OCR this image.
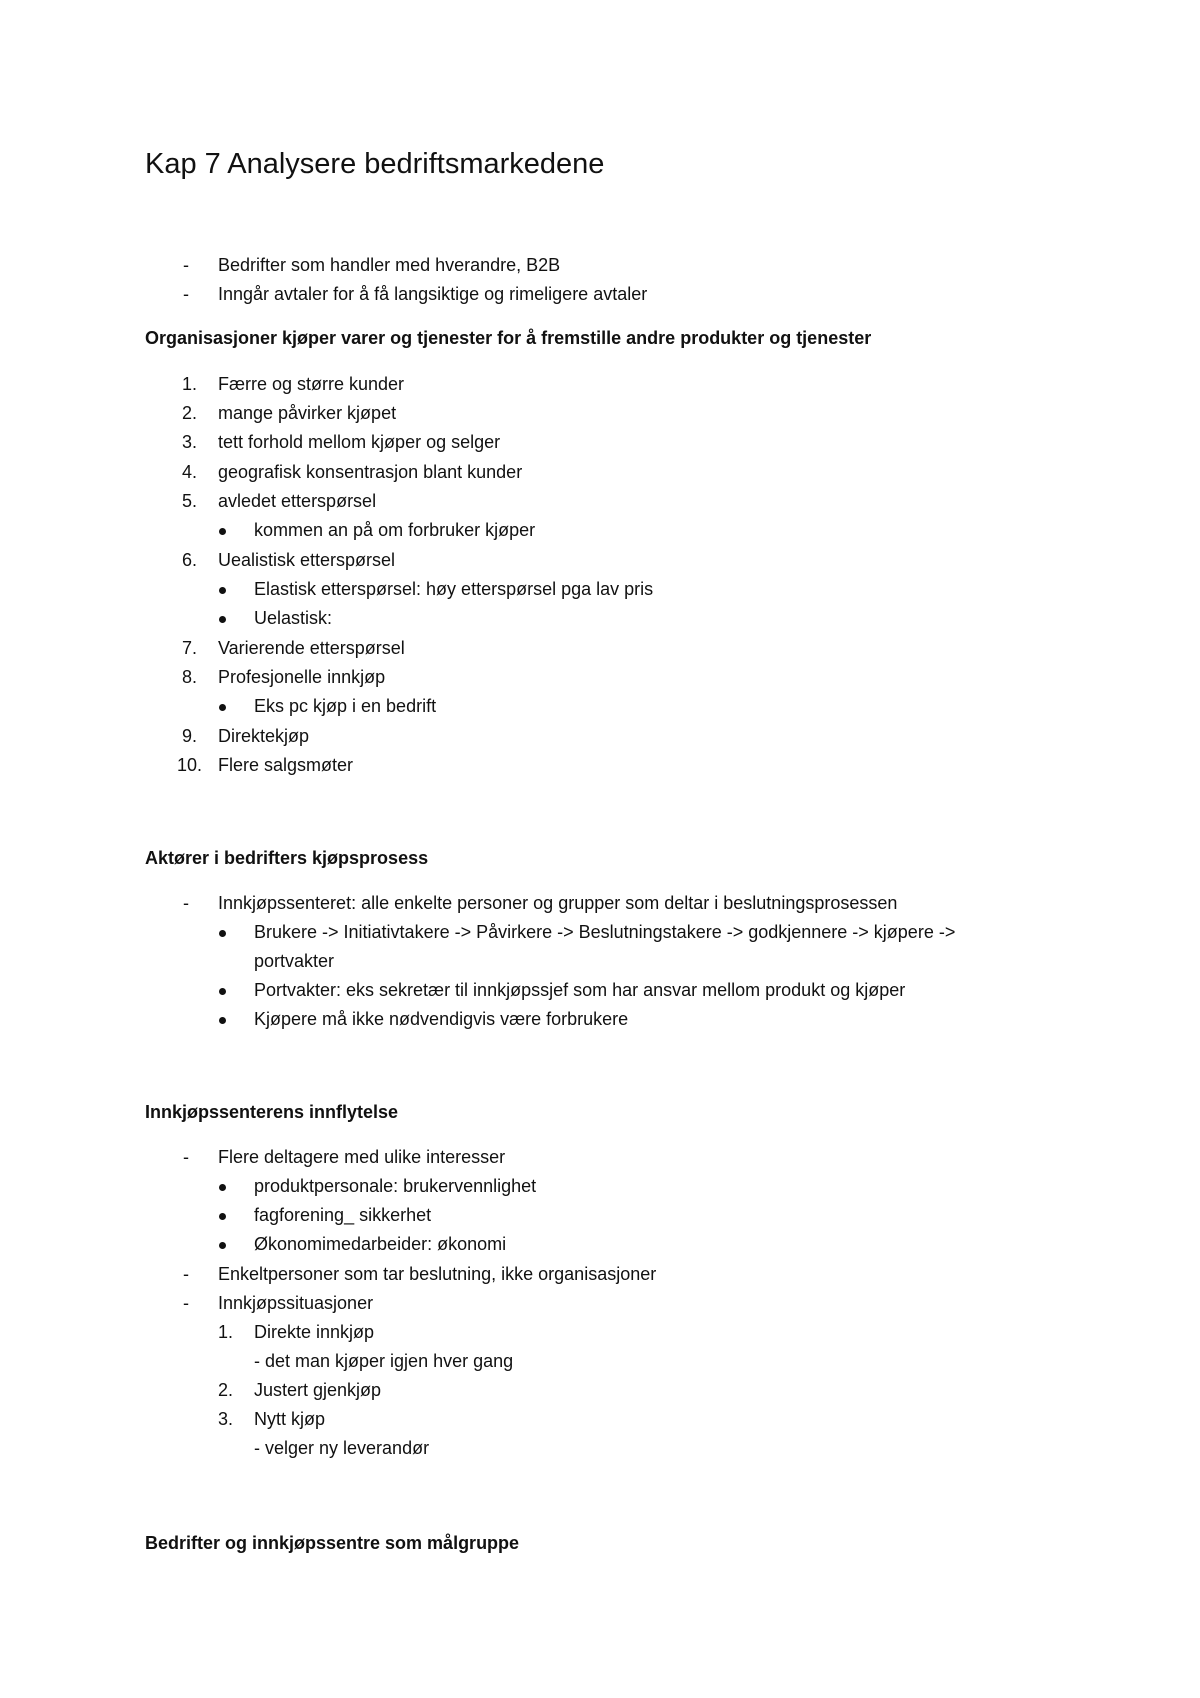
Kap 7 Analysere bedriftsmarkedene
- Bedrifter som handler med hverandre, B2B
- Inngår avtaler for å få langsiktige og rimeligere avtaler

Organisasjoner kjøper varer og tjenester for å fremstille andre produkter og tjenester

1. Færre og større kunder
2. mange påvirker kjøpet
3. tett forhold mellom kjøper og selger
4. geografisk konsentrasjon blant kunder
5. avledet etterspørsel
kommen an på om forbruker kjøper
6. Uealistisk etterspørsel
Elastisk etterspørsel: høy etterspørsel pga lav pris
Uelastisk:
7. Varierende etterspørsel
8. Profesjonelle innkjøp
Eks pc kjøp i en bedrift
9. Direktekjøp
10. Flere salgsmøter

Aktører i bedrifters kjøpsprosess

- Innkjøpssenteret: alle enkelte personer og grupper som deltar i beslutningsprosessen
Brukere -> Initiativtakere -> Påvirkere -> Beslutningstakere -> godkjennere -> kjøpere ->
portvakter
Portvakter: eks sekretær til innkjøpssjef som har ansvar mellom produkt og kjøper
Kjøpere må ikke nødvendigvis være forbrukere

Innkjøpssenterens innflytelse

- Flere deltagere med ulike interesser
produktpersonale: brukervennlighet
fagforening_ sikkerhet
Økonomimedarbeider: økonomi
- Enkeltpersoner som tar beslutning, ikke organisasjoner
- Innkjøpssituasjoner
1. Direkte innkjøp
- det man kjøper igjen hver gang
2. Justert gjenkjøp
3. Nytt kjøp
- velger ny leverandør

Bedrifter og innkjøpssentre som målgruppe
